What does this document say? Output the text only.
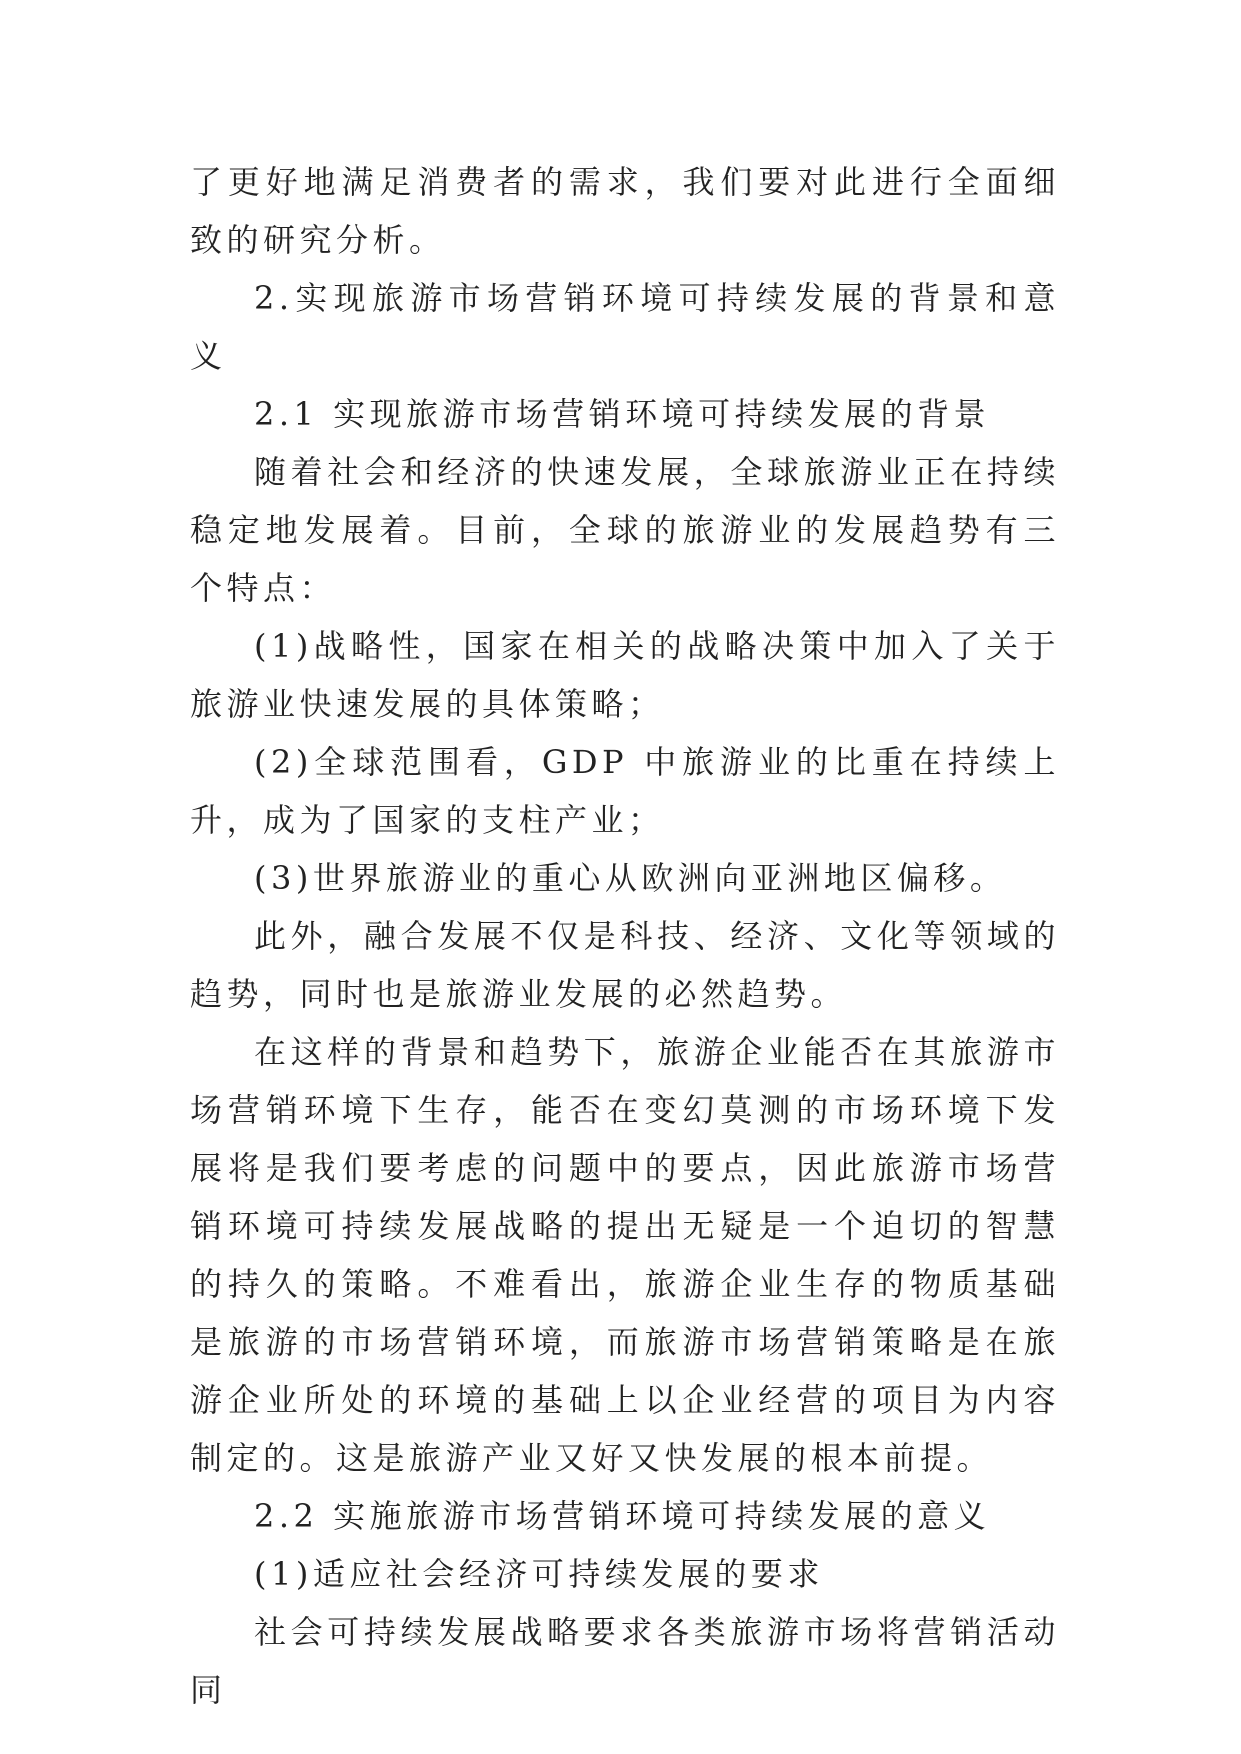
了更好地满足消费者的需求，我们要对此进行全面细致的研究分析。

2.实现旅游市场营销环境可持续发展的背景和意义

2.1 实现旅游市场营销环境可持续发展的背景

随着社会和经济的快速发展，全球旅游业正在持续稳定地发展着。目前，全球的旅游业的发展趋势有三个特点：

(1)战略性，国家在相关的战略决策中加入了关于旅游业快速发展的具体策略；

(2)全球范围看，GDP 中旅游业的比重在持续上升，成为了国家的支柱产业；

(3)世界旅游业的重心从欧洲向亚洲地区偏移。

此外，融合发展不仅是科技、经济、文化等领域的趋势，同时也是旅游业发展的必然趋势。

在这样的背景和趋势下，旅游企业能否在其旅游市场营销环境下生存，能否在变幻莫测的市场环境下发展将是我们要考虑的问题中的要点，因此旅游市场营销环境可持续发展战略的提出无疑是一个迫切的智慧的持久的策略。不难看出，旅游企业生存的物质基础是旅游的市场营销环境，而旅游市场营销策略是在旅游企业所处的环境的基础上以企业经营的项目为内容制定的。这是旅游产业又好又快发展的根本前提。

2.2 实施旅游市场营销环境可持续发展的意义

(1)适应社会经济可持续发展的要求

社会可持续发展战略要求各类旅游市场将营销活动同
